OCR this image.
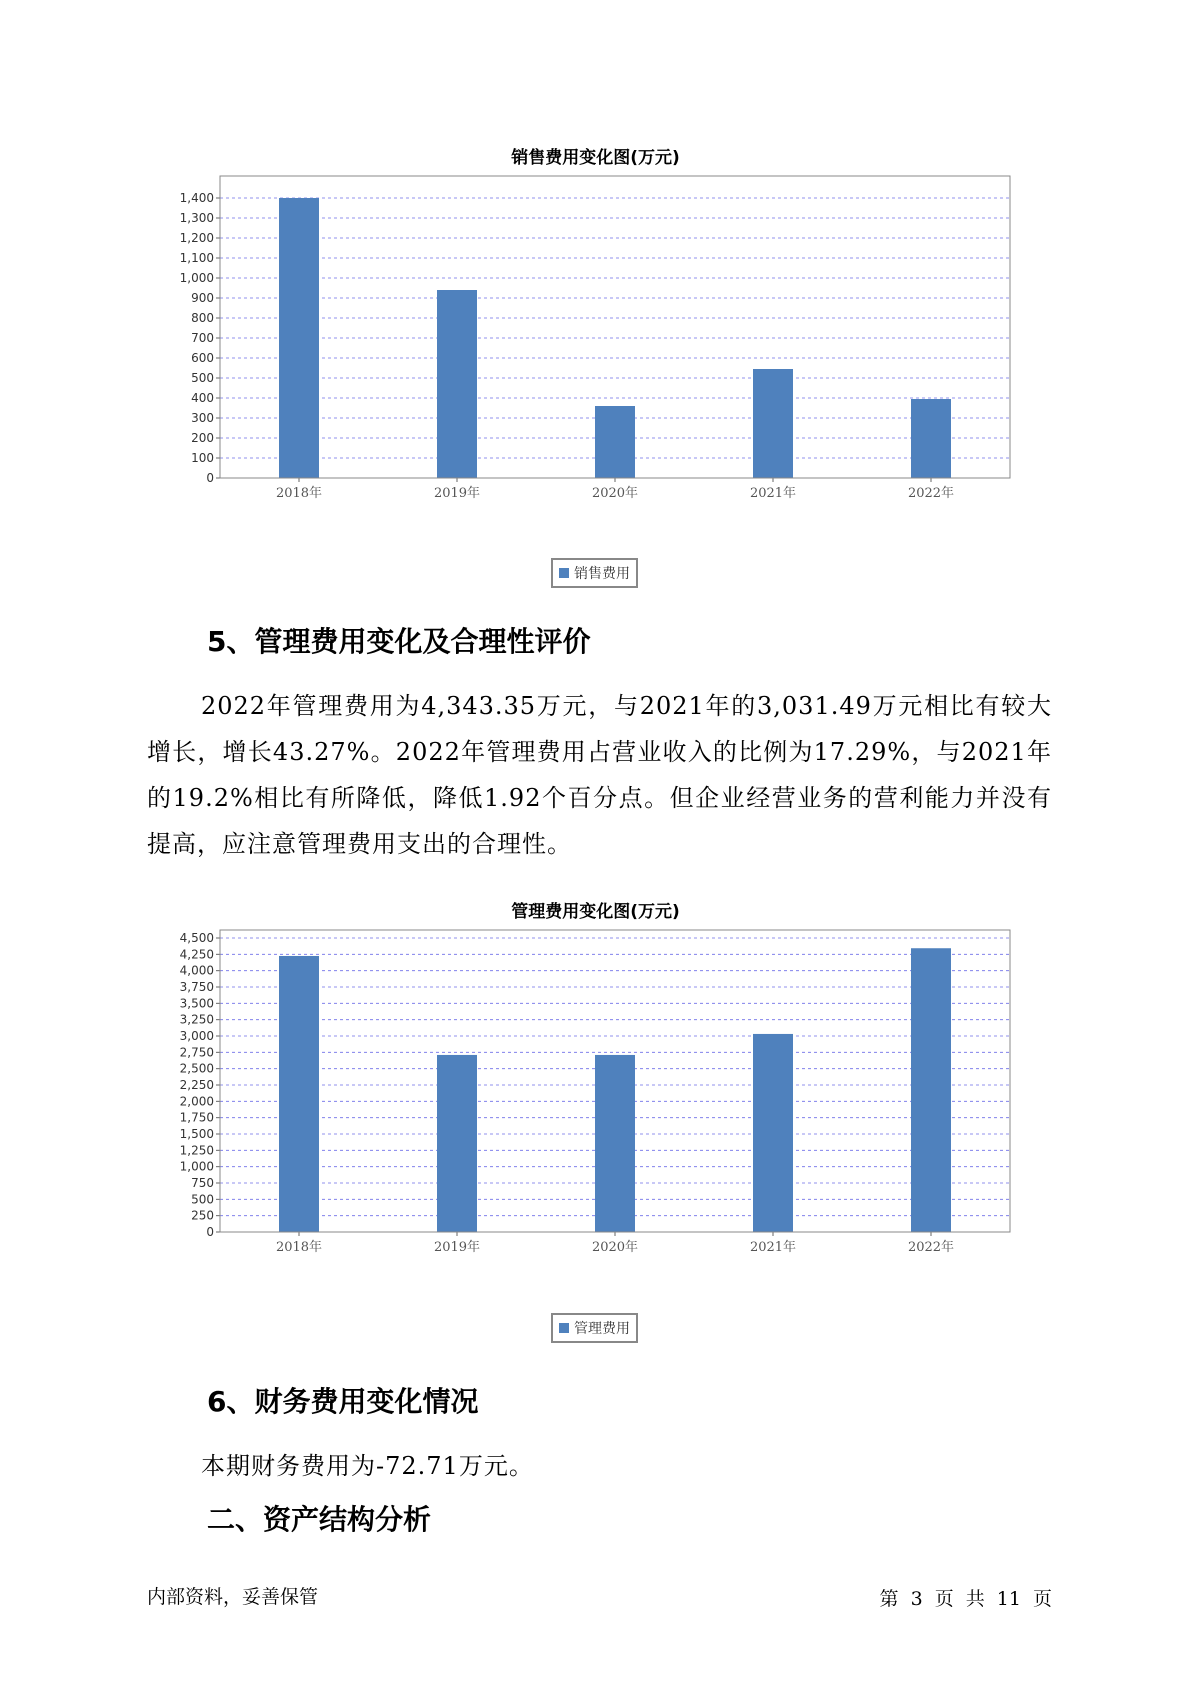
销售费用变化图(万元)
0
100
200
300
400
500
600
700
800
900
1,000
1,100
1,200
1,300
1,400
2018年	2019年	2020年	2021年	2022年
销售费用
5、管理费用变化及合理性评价
2022年管理费用为4,343.35万元，与2021年的3,031.49万元相比有较大增长，增长43.27%。2022年管理费用占营业收入的比例为17.29%，与2021年的19.2%相比有所降低，降低1.92个百分点。但企业经营业务的营利能力并没有提高，应注意管理费用支出的合理性。
管理费用变化图(万元)
0
250
500
750
1,000
1,250
1,500
1,750
2,000
2,250
2,500
2,750
3,000
3,250
3,500
3,750
4,000
4,250
4,500
2018年	2019年	2020年	2021年	2022年
管理费用
6、财务费用变化情况
本期财务费用为-72.71万元。
二、资产结构分析
内部资料，妥善保管	第 3 页 共 11 页
